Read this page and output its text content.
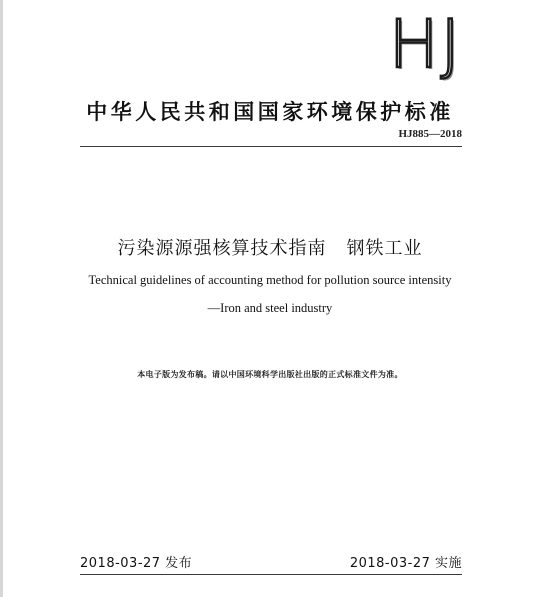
HJ
中华人民共和国国家环境保护标准
HJ885—2018
污染源源强核算技术指南 钢铁工业
Technical guidelines of accounting method for pollution source intensity
—Iron and steel industry
本电子版为发布稿。请以中国环境科学出版社出版的正式标准文件为准。
2018-03-27 发布	2018-03-27 实施
